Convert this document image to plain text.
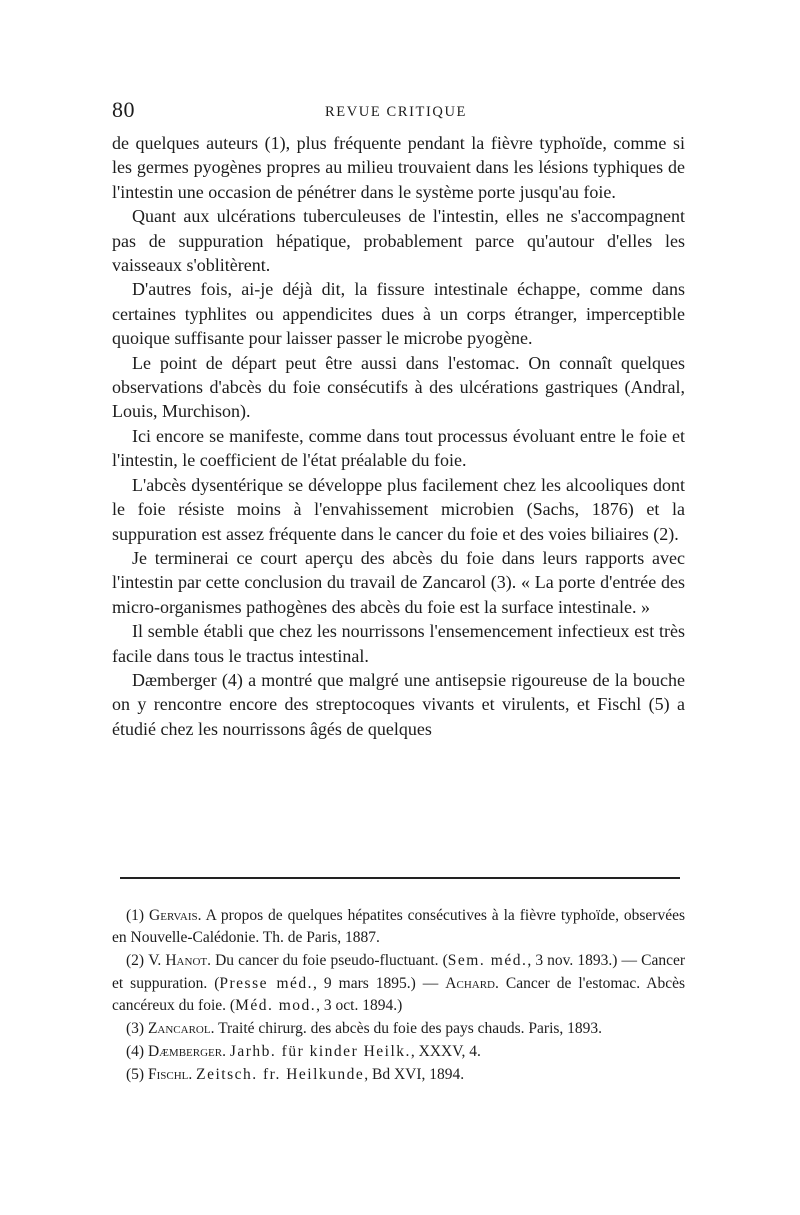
80	REVUE CRITIQUE

de quelques auteurs (1), plus fréquente pendant la fièvre typhoïde, comme si les germes pyogènes propres au milieu trouvaient dans les lésions typhiques de l'intestin une occasion de pénétrer dans le système porte jusqu'au foie.

Quant aux ulcérations tuberculeuses de l'intestin, elles ne s'accompagnent pas de suppuration hépatique, probablement parce qu'autour d'elles les vaisseaux s'oblitèrent.

D'autres fois, ai-je déjà dit, la fissure intestinale échappe, comme dans certaines typhlites ou appendicites dues à un corps étranger, imperceptible quoique suffisante pour laisser passer le microbe pyogène.

Le point de départ peut être aussi dans l'estomac. On connaît quelques observations d'abcès du foie consécutifs à des ulcérations gastriques (Andral, Louis, Murchison).

Ici encore se manifeste, comme dans tout processus évoluant entre le foie et l'intestin, le coefficient de l'état préalable du foie.

L'abcès dysentérique se développe plus facilement chez les alcooliques dont le foie résiste moins à l'envahissement microbien (Sachs, 1876) et la suppuration est assez fréquente dans le cancer du foie et des voies biliaires (2).

Je terminerai ce court aperçu des abcès du foie dans leurs rapports avec l'intestin par cette conclusion du travail de Zancarol (3). « La porte d'entrée des micro-organismes pathogènes des abcès du foie est la surface intestinale. »

Il semble établi que chez les nourrissons l'ensemencement infectieux est très facile dans tous le tractus intestinal.

Dæmberger (4) a montré que malgré une antisepsie rigoureuse de la bouche on y rencontre encore des streptocoques vivants et virulents, et Fischl (5) a étudié chez les nourrissons âgés de quelques

(1) Gervais. A propos de quelques hépatites consécutives à la fièvre typhoïde, observées en Nouvelle-Calédonie. Th. de Paris, 1887.

(2) V. Hanot. Du cancer du foie pseudo-fluctuant. (Sem. méd., 3 nov. 1893.) — Cancer et suppuration. (Presse méd., 9 mars 1895.) — Achard. Cancer de l'estomac. Abcès cancéreux du foie. (Méd. mod., 3 oct. 1894.)

(3) Zancarol. Traité chirurg. des abcès du foie des pays chauds. Paris, 1893.

(4) Dæmberger. Jarhb. für kinder Heilk., XXXV, 4.

(5) Fischl. Zeitsch. fr. Heilkunde, Bd XVI, 1894.
